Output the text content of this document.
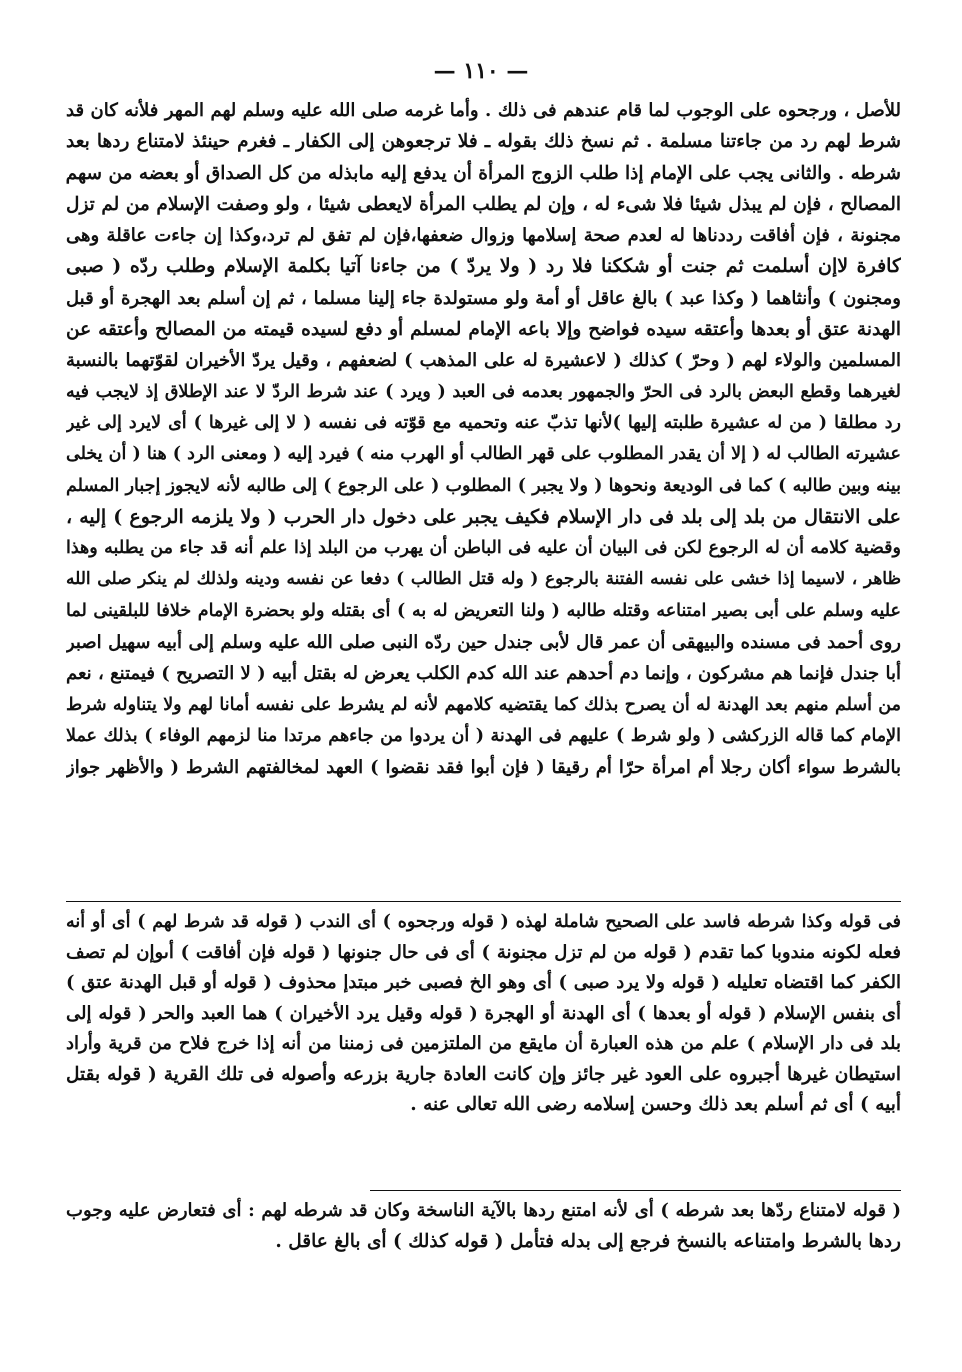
— ١١٠ —
للأصل ، ورجحوه على الوجوب لما قام عندهم فى ذلك . وأما غرمه صلى الله عليه وسلم لهم المهر فلأنه كان قد
شرط لهم رد من جاءتنا مسلمة . ثم نسخ ذلك بقوله ـ فلا ترجعوهن إلى الكفار ـ فغرم حينئذ لامتناع ردها بعد
شرطه . والثانى يجب على الإمام إذا طلب الزوج المرأة أن يدفع إليه مابذله من كل الصداق أو بعضه من سهم
المصالح ، فإن لم يبذل شيئا فلا شىء له ، وإن لم يطلب المرأة لايعطى شيئا ، ولو وصفت الإسلام من لم تزل
مجنونة ، فإن أفاقت رددناها له لعدم صحة إسلامها وزوال ضعفها،فإن لم تفق لم ترد،وكذا إن جاءت عاقلة وهى
كافرة لاإن أسلمت ثم جنت أو شككنا فلا رد ( ولا يردّ ) من جاءنا آتيا بكلمة الإسلام وطلب ردّه ( صبى
ومجنون ) وأنثاهما ( وكذا عبد ) بالغ عاقل أو أمة ولو مستولدة جاء إلينا مسلما ، ثم إن أسلم بعد الهجرة أو قبل
الهدنة عتق أو بعدها وأعتقه سيده فواضح وإلا باعه الإمام لمسلم أو دفع لسيده قيمته من المصالح وأعتقه عن
المسلمين والولاء لهم ( وحرّ ) كذلك ( لاعشيرة له على المذهب ) لضعفهم ، وقيل يردّ الأخيران لقوّتهما بالنسبة
لغيرهما وقطع البعض بالرد فى الحرّ والجمهور بعدمه فى العبد ( ويرد ) عند شرط الردّ لا عند الإطلاق إذ لايجب فيه
رد مطلقا ( من له عشيرة طلبته إليها )لأنها تذبّ عنه وتحميه مع قوّته فى نفسه ( لا إلى غيرها ) أى لايرد إلى غير
عشيرته الطالب له ( إلا أن يقدر المطلوب على قهر الطالب أو الهرب منه ) فيرد إليه ( ومعنى الرد ) هنا ( أن يخلى
بينه وبين طالبه ) كما فى الوديعة ونحوها ( ولا يجبر ) المطلوب ( على الرجوع ) إلى طالبه لأنه لايجوز إجبار المسلم
على الانتقال من بلد إلى بلد فى دار الإسلام فكيف يجبر على دخول دار الحرب ( ولا يلزمه الرجوع ) إليه ،
وقضية كلامه أن له الرجوع لكن فى البيان أن عليه فى الباطن أن يهرب من البلد إذا علم أنه قد جاء من يطلبه وهذا
ظاهر ، لاسيما إذا خشى على نفسه الفتنة بالرجوع ( وله قتل الطالب ) دفعا عن نفسه ودينه ولذلك لم ينكر صلى الله
عليه وسلم على أبى بصير امتناعه وقتله طالبه ( ولنا التعريض له به ) أى بقتله ولو بحضرة الإمام خلافا للبلقينى لما
روى أحمد فى مسنده والبيهقى أن عمر قال لأبى جندل حين ردّه النبى صلى الله عليه وسلم إلى أبيه سهيل اصبر
أبا جندل فإنما هم مشركون ، وإنما دم أحدهم عند الله كدم الكلب يعرض له بقتل أبيه ( لا التصريح ) فيمتنع ، نعم
من أسلم منهم بعد الهدنة له أن يصرح بذلك كما يقتضيه كلامهم لأنه لم يشرط على نفسه أمانا لهم ولا يتناوله شرط
الإمام كما قاله الزركشى ( ولو شرط ) عليهم فى الهدنة ( أن يردوا من جاءهم مرتدا منا لزمهم الوفاء ) بذلك عملا
بالشرط سواء أكان رجلا أم امرأة حرّا أم رقيقا ( فإن أبوا فقد نقضوا ) العهد لمخالفتهم الشرط ( والأظهر جواز
فى قوله وكذا شرطه فاسد على الصحيح شاملة لهذه ( قوله ورجحوه ) أى الندب ( قوله قد شرط لهم ) أى أو أنه
فعله لكونه مندوبا كما تقدم ( قوله من لم تزل مجنونة ) أى فى حال جنونها ( قوله فإن أفاقت ) أىوإن لم تصف
الكفر كما اقتضاه تعليله ( قوله ولا يرد صبى ) أى وهو الخ فصبى خبر مبتدإ محذوف ( قوله أو قبل الهدنة عتق )
أى بنفس الإسلام ( قوله أو بعدها ) أى الهدنة أو الهجرة ( قوله وقيل يرد الأخيران ) هما العبد والحر ( قوله إلى
بلد فى دار الإسلام ) علم من هذه العبارة أن مايقع من الملتزمين فى زمننا من أنه إذا خرج فلاح من قرية وأراد
استيطان غيرها أجبروه على العود غير جائز وإن كانت العادة جارية بزرعه وأصوله فى تلك القرية ( قوله بقتل
أبيه ) أى ثم أسلم بعد ذلك وحسن إسلامه رضى الله تعالى عنه .
( قوله لامتناع ردّها بعد شرطه ) أى لأنه امتنع ردها بالآية الناسخة وكان قد شرطه لهم : أى فتعارض عليه وجوب
ردها بالشرط وامتناعه بالنسخ فرجع إلى بدله فتأمل ( قوله كذلك ) أى بالغ عاقل .
